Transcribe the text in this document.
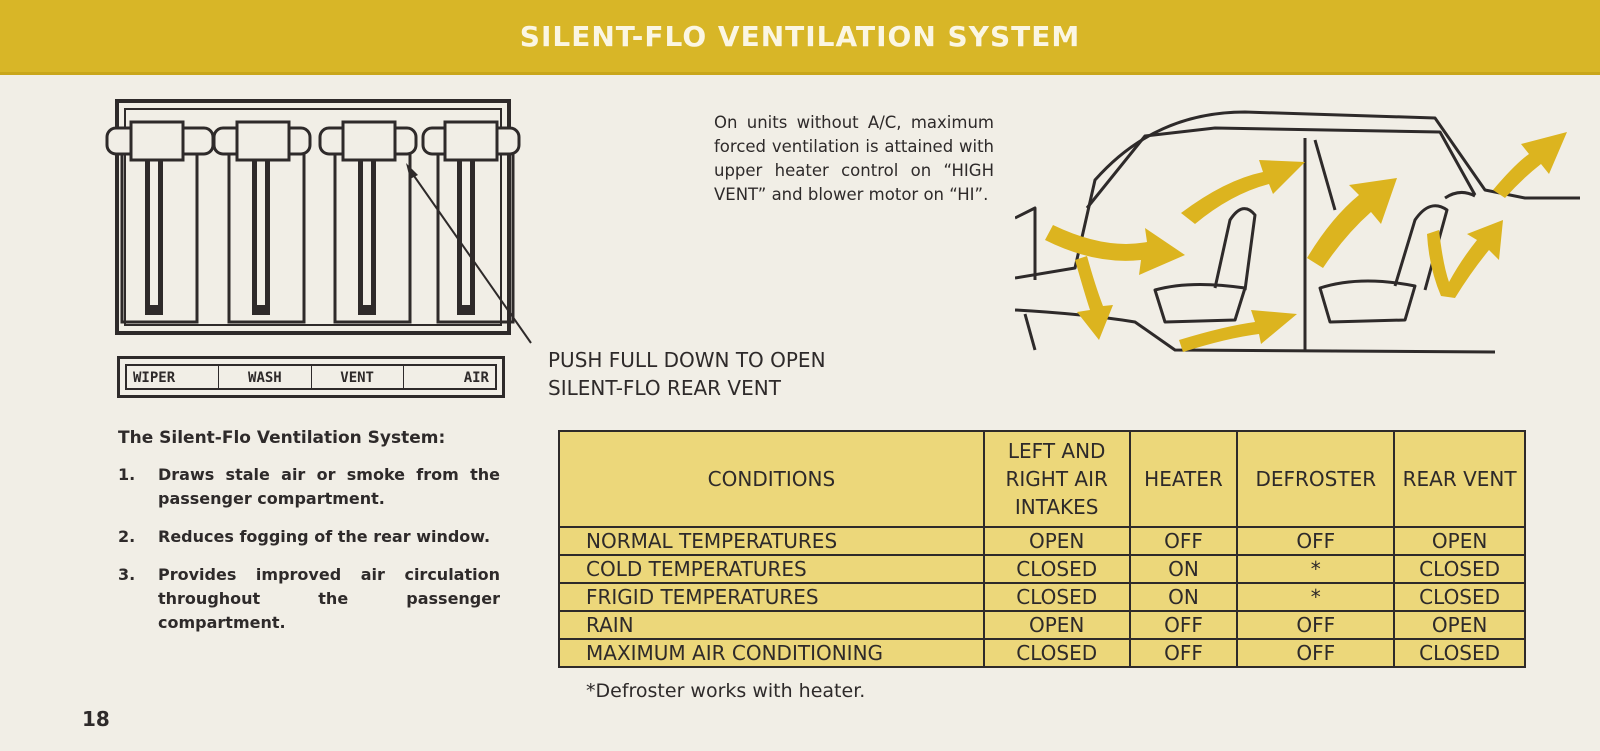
SILENT-FLO VENTILATION SYSTEM
WIPER	WASH	VENT	AIR
PUSH FULL DOWN TO OPEN
SILENT-FLO REAR VENT
The Silent-Flo Ventilation System:
1.	Draws stale air or smoke from the passenger compartment.
2.	Reduces fogging of the rear window.
3.	Provides improved air circulation throughout the passenger compartment.
18
On units without A/C, maximum forced ventilation is attained with upper heater control on “HIGH VENT” and blower motor on “HI”.
CONDITIONS	LEFT AND RIGHT AIR INTAKES	HEATER	DEFROSTER	REAR VENT
NORMAL TEMPERATURES	OPEN	OFF	OFF	OPEN
COLD TEMPERATURES	CLOSED	ON	*	CLOSED
FRIGID TEMPERATURES	CLOSED	ON	*	CLOSED
RAIN	OPEN	OFF	OFF	OPEN
MAXIMUM AIR CONDITIONING	CLOSED	OFF	OFF	CLOSED
*Defroster works with heater.
